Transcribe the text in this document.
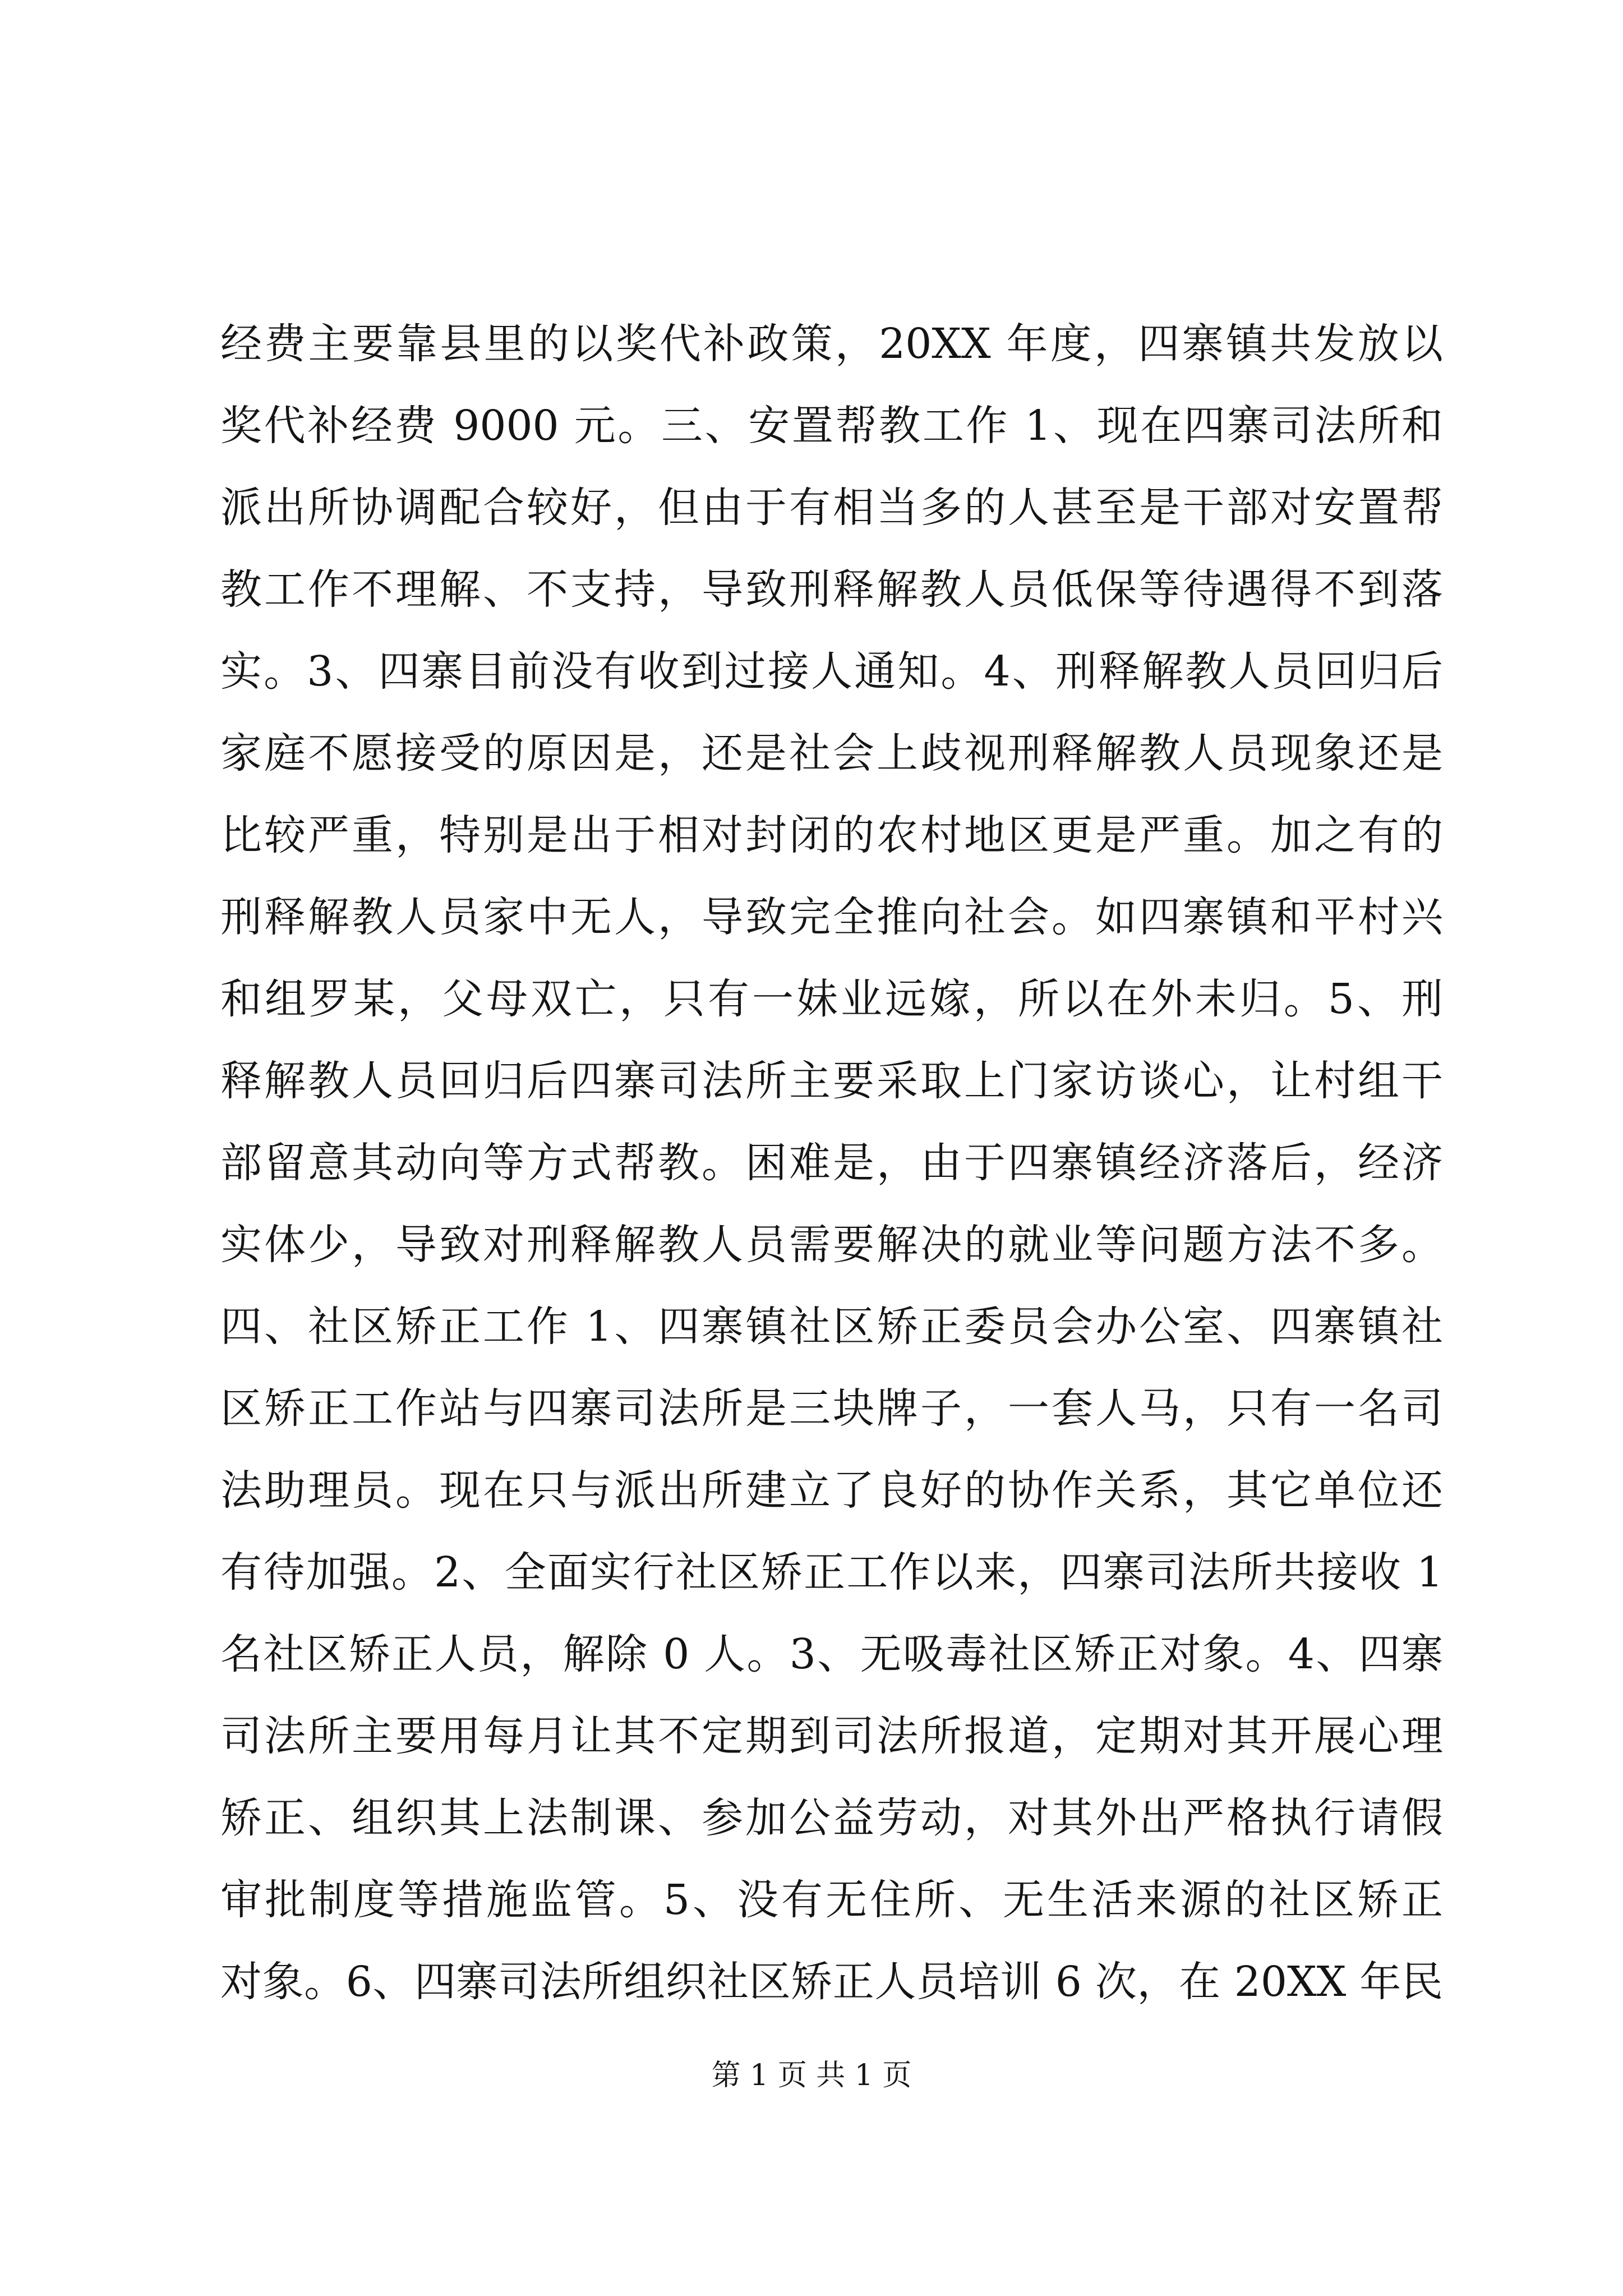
经费主要靠县里的以奖代补政策，20XX 年度，四寨镇共发放以
奖代补经费 9000 元。三、安置帮教工作 1、现在四寨司法所和
派出所协调配合较好，但由于有相当多的人甚至是干部对安置帮
教工作不理解、不支持，导致刑释解教人员低保等待遇得不到落
实。3、四寨目前没有收到过接人通知。4、刑释解教人员回归后
家庭不愿接受的原因是，还是社会上歧视刑释解教人员现象还是
比较严重，特别是出于相对封闭的农村地区更是严重。加之有的
刑释解教人员家中无人，导致完全推向社会。如四寨镇和平村兴
和组罗某，父母双亡，只有一妹业远嫁，所以在外未归。5、刑
释解教人员回归后四寨司法所主要采取上门家访谈心，让村组干
部留意其动向等方式帮教。困难是，由于四寨镇经济落后，经济
实体少，导致对刑释解教人员需要解决的就业等问题方法不多。
四、社区矫正工作 1、四寨镇社区矫正委员会办公室、四寨镇社
区矫正工作站与四寨司法所是三块牌子，一套人马，只有一名司
法助理员。现在只与派出所建立了良好的协作关系，其它单位还
有待加强。2、全面实行社区矫正工作以来，四寨司法所共接收 1
名社区矫正人员，解除 0 人。3、无吸毒社区矫正对象。4、四寨
司法所主要用每月让其不定期到司法所报道，定期对其开展心理
矫正、组织其上法制课、参加公益劳动，对其外出严格执行请假
审批制度等措施监管。5、没有无住所、无生活来源的社区矫正
对象。6、四寨司法所组织社区矫正人员培训 6 次，在 20XX 年民
第 1 页 共 1 页
